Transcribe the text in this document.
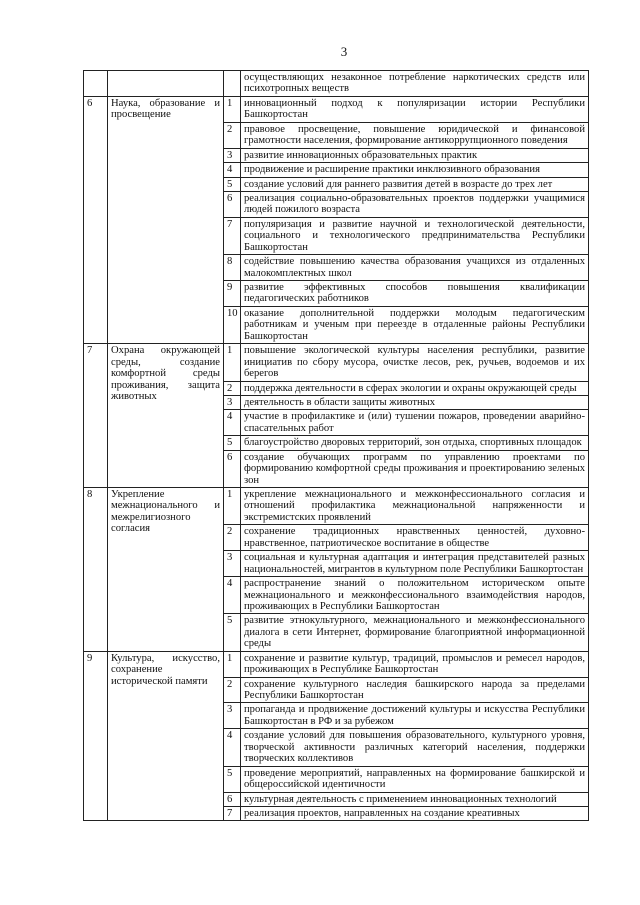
3
			осуществляющих незаконное потребление наркотических средств или психотропных веществ
6	Наука, образование и просвещение	1	инновационный подход к популяризации истории Республики Башкортостан
		2	правовое просвещение, повышение юридической и финансовой грамотности населения, формирование антикоррупционного поведения
		3	развитие инновационных образовательных практик
		4	продвижение и расширение практики инклюзивного образования
		5	создание условий для раннего развития детей в возрасте до трех лет
		6	реализация социально-образовательных проектов поддержки учащимися людей пожилого возраста
		7	популяризация и развитие научной и технологической деятельности, социального и технологического предпринимательства Республики Башкортостан
		8	содействие повышению качества образования учащихся из отдаленных малокомплектных школ
		9	развитие эффективных способов повышения квалификации педагогических работников
		10	оказание дополнительной поддержки молодым педагогическим работникам и ученым при переезде в отдаленные районы Республики Башкортостан
7	Охрана окружающей среды, создание комфортной среды проживания, защита животных	1	повышение экологической культуры населения республики, развитие инициатив по сбору мусора, очистке лесов, рек, ручьев, водоемов и их берегов
		2	поддержка деятельности в сферах экологии и охраны окружающей среды
		3	деятельность в области защиты животных
		4	участие в профилактике и (или) тушении пожаров, проведении аварийно-спасательных работ
		5	благоустройство дворовых территорий, зон отдыха, спортивных площадок
		6	создание обучающих программ по управлению проектами по формированию комфортной среды проживания и проектированию зеленых зон
8	Укрепление межнационального и межрелигиозного согласия	1	укрепление межнационального и межконфессионального согласия и отношений профилактика межнациональной напряженности и экстремистских проявлений
		2	сохранение традиционных нравственных ценностей, духовно-нравственное, патриотическое воспитание в обществе
		3	социальная и культурная адаптация и интеграция представителей разных национальностей, мигрантов в культурном поле Республики Башкортостан
		4	распространение знаний о положительном историческом опыте межнационального и межконфессионального взаимодействия народов, проживающих в Республики Башкортостан
		5	развитие этнокультурного, межнационального и межконфессионального диалога в сети Интернет, формирование благоприятной информационной среды
9	Культура, искусство, сохранение исторической памяти	1	сохранение и развитие культур, традиций, промыслов и ремесел народов, проживающих в Республике Башкортостан
		2	сохранение культурного наследия башкирского народа за пределами Республики Башкортостан
		3	пропаганда и продвижение достижений культуры и искусства Республики Башкортостан в РФ и за рубежом
		4	создание условий для повышения образовательного, культурного уровня, творческой активности различных категорий населения, поддержки творческих коллективов
		5	проведение мероприятий, направленных на формирование башкирской и общероссийской идентичности
		6	культурная деятельность с применением инновационных технологий
		7	реализация проектов, направленных на создание креативных
